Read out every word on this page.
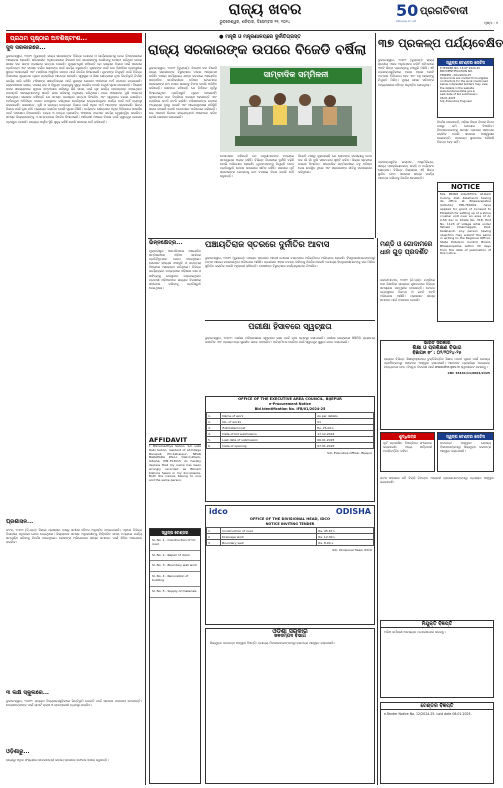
ରାଜ୍ୟ ଖବର
ଭୁବନେଶ୍ୱର, ଶନିବାର, ଡିସେମ୍ବର ୨୧, ୨୦୨୪
50
ଗୌରବମୟ ୫୦ ବର୍ଷ
ପ୍ରଗତିବାଦୀ
ପୃଷ୍ଠା : ୭
ପ୍ରଥମ ପୃଷ୍ଠାର ଅବଶିଷ୍ଟାଂଶ...
ସୁଦ ସରକାରରେ...
ଭୁବନେଶ୍ୱର, ୨୦ା୧୨ (ବ୍ୟୁରୋ): ରାଜ୍ୟ ସରକାରଙ୍କ ବିଭିନ୍ନ ଯୋଜନା ଓ କାର୍ଯ୍ୟକ୍ରମକୁ ନେଇ ବିଧାନସଭାରେ ଆଲୋଚନା ହୋଇଛି। ଶୀତକାଳୀନ ଅଧିବେଶନରେ ବିରୋଧୀ ଦଳ ସରକାରଙ୍କୁ ଘେରିବାକୁ ଚେଷ୍ଟା କରିଥିବା ବେଳେ ଶାସକ ଦଳ ତାଙ୍କ ପ୍ରଶ୍ନର ଉତ୍ତର ଦେଇଛି। ମୁଖ୍ୟମନ୍ତ୍ରୀ କହିଛନ୍ତି ଯେ ରାଜ୍ୟର ବିକାଶ ପାଇଁ ସରକାର ପ୍ରତିବଦ୍ଧ ଏବଂ ସମସ୍ତ ବର୍ଗର ଲୋକଙ୍କ ପାଇଁ କାର୍ଯ୍ୟ କରୁଛନ୍ତି। କୃଷକଙ୍କ ପାଇଁ ଧାନ କିଣାବିକା ବ୍ୟବସ୍ଥାରେ ସୁଧାର ଅଣାଯାଇଛି ଏବଂ ମଣ୍ଡିରେ ଅସୁବିଧା ନହେବା ପାଇଁ ନିର୍ଦ୍ଦେଶ ଦିଆଯାଇଛି। ଯୁବକଙ୍କ ନିଯୁକ୍ତି ପାଇଁ ବିଭିନ୍ନ ବିଭାଗରେ ଶୂନ୍ୟପଦ ପୂରଣ ପ୍ରକ୍ରିୟା ଆରମ୍ଭ ହୋଇଛି। ସ୍ୱାସ୍ଥ୍ୟ ଓ ଶିକ୍ଷା କ୍ଷେତ୍ରରେ ନୂଆ ଭିତ୍ତିଭୂମି ନିର୍ମାଣ କାର୍ଯ୍ୟ ଜାରି ରହିଛି। ମହିଳାଙ୍କ ସଶକ୍ତିକରଣ ପାଇଁ ସୁଭଦ୍ରା ଯୋଜନା ଅଧୀନରେ ଅର୍ଥ ପ୍ରଦାନ କରାଯାଉଛି। ଗ୍ରାମାଞ୍ଚଳରେ ରାସ୍ତା, ପାନୀୟ ଜଳ ଓ ବିଦ୍ୟୁତ ବ୍ୟବସ୍ଥାକୁ ସୁଦୃଢ଼ କରାଯିବ ବୋଲି ମନ୍ତ୍ରୀ ସୂଚନା ଦେଇଛନ୍ତି। ବିରୋଧୀ ଦଳର ସଦସ୍ୟମାନେ ଗୃହରେ ହଟ୍ଟଗୋଳ କରିବାରୁ କିଛି ସମୟ ପାଇଁ ଗୃହ କାର୍ଯ୍ୟ ବାଧାପ୍ରାପ୍ତ ହୋଇଥିଲା। ବାଚସ୍ପତି ସଦସ୍ୟମାନଙ୍କୁ ଶାନ୍ତି ରକ୍ଷା କରିବାକୁ ଅନୁରୋଧ କରିଥିଲେ। ପରେ ଆଲୋଚନା ପୁଣି ଆରମ୍ଭ ହୋଇଥିଲା। ସରକାର କହିଛନ୍ତି ଯେ ସମସ୍ତ ପ୍ରଶ୍ନର ଉତ୍ତର ଦିଆଯିବ ଏବଂ ସ୍ୱଚ୍ଛତା ବଜାୟ ରଖାଯିବ। ଅର୍ଥମନ୍ତ୍ରୀ ଅତିରିକ୍ତ ବଜେଟ ଉପସ୍ଥାପନ କରିଥିଲେ ଯେଉଁଥିରେ ଉନ୍ନୟନମୂଳକ କାର୍ଯ୍ୟ ପାଇଁ ଅର୍ଥ ବ୍ୟବସ୍ଥା କରାଯାଇଛି। ଜଳସେଚନ, କୃଷି ଓ ଗ୍ରାମ୍ୟ ଉନ୍ନୟନ ବିଭାଗ ପାଇଁ ଅଧିକ ଅର୍ଥ ଆବଣ୍ଟନ କରାଯାଇଛି। ଶିଳ୍ପ ବିକାଶ ପାଇଁ ନୂଆ ନୀତି ପ୍ରଣୟନ କରାଯିବ ବୋଲି ସୂଚନା ମିଳିଛି। ପର୍ଯ୍ୟଟନ କ୍ଷେତ୍ରରେ ଅଧିକ ବିନିଯୋଗ ଆକର୍ଷଣ ପାଇଁ ପଦକ୍ଷେପ ନିଆଯାଉଛି। ବନ୍ୟା ଓ ବାତ୍ୟା ପ୍ରଭାବିତ ଅଞ୍ଚଳରେ ଥଇଥାନ କାର୍ଯ୍ୟ ତ୍ୱରାନ୍ୱିତ କରାଯିବ। ସମସ୍ତ ଜିଲ୍ଲାପାଳଙ୍କୁ ଏ ସମ୍ବନ୍ଧରେ ନିର୍ଦ୍ଦେଶ ଦିଆଯାଇଛି। ଆଦିବାସୀ ଅଞ୍ଚଳର ବିକାଶ ପାଇଁ ସ୍ୱତନ୍ତ୍ର ଯୋଜନା ପ୍ରସ୍ତୁତ ହେଉଛି। ରାଜ୍ୟର ଆର୍ଥିକ ସ୍ଥିତି ସୁଦୃଢ଼ ରହିଛି ବୋଲି ସରକାର ଦାବି କରିଛନ୍ତି।
ପ୍ରଶାସନ...
କଟକ, ୨୦ା୧୨ (ନି.ପ୍ର): ଜିଲ୍ଲା ପ୍ରଶାସନ ପକ୍ଷରୁ ସମୀକ୍ଷା ବୈଠକ ଅନୁଷ୍ଠିତ ହୋଇଯାଇଛି। ଏଥିରେ ବିଭିନ୍ନ ବିଭାଗୀୟ ଅଧିକାରୀ ଯୋଗ ଦେଇଥିଲେ। ଜିଲ୍ଲାପାଳ ସମସ୍ତ ଅଧିକାରୀଙ୍କୁ ନିର୍ଦ୍ଧାରିତ ସମୟ ମଧ୍ୟରେ କାର୍ଯ୍ୟ ସମ୍ପୂର୍ଣ୍ଣ କରିବାକୁ ନିର୍ଦ୍ଦେଶ ଦେଇଥିଲେ। ଲୋକଙ୍କ ଅଭିଯୋଗର ଶୀଘ୍ର ସମାଧାନ ପାଇଁ ଶିବିର ଆୟୋଜନ କରାଯିବ।
୩ ଲକ୍ଷ ସ୍କୁଲରେ...
ଭୁବନେଶ୍ୱର, ୨୦ା୧୨: ରାଜ୍ୟର ବିଦ୍ୟାଳୟଗୁଡ଼ିକରେ ଭିତ୍ତିଭୂମି ଉନ୍ନତି ପାଇଁ ସରକାର ପଦକ୍ଷେପ ନେଇଛନ୍ତି। ଛାତ୍ରଛାତ୍ରୀଙ୍କ ପାଇଁ ସ୍ମାର୍ଟ କ୍ଲାସ ଓ ଲାଇବ୍ରେରୀ ବ୍ୟବସ୍ଥା କରାଯିବ।
ଓଡ଼ିଶାରୁ...
ରାଜ୍ୟରୁ ଅଧିକ ସଂଖ୍ୟାରେ ଛାତ୍ରଛାତ୍ରୀ ଜାତୀୟ ସ୍ତରରେ ସଫଳତା ହାସଲ କରୁଛନ୍ତି।
● ମନ୍ତ୍ରି ଓ ମନ୍ତ୍ରଣାଳୟରେ ଦୁର୍ନୀତିଗ୍ରସ୍ତ
ରାଜ୍ୟ ସରକାରଙ୍କ ଉପରେ ବିଜେଡି ବର୍ଷିଲା
ଭୁବନେଶ୍ୱର, ୨୦ା୧୨ (ବ୍ୟୁରୋ): ବିରୋଧୀ ଦଳ ବିଜେଡି ରାଜ୍ୟ ସରକାରଙ୍କ ବିରୁଦ୍ଧରେ ତୀବ୍ର ଆକ୍ରମଣ କରିଛି। ଦଳୀୟ କାର୍ଯ୍ୟାଳୟ ଶଙ୍ଖ ଭବନରେ ଆୟୋଜିତ ସାମ୍ବାଦିକ ସମ୍ମିଳନୀରେ ବରିଷ୍ଠ ନେତାମାନେ ସରକାରଙ୍କ ଛଅ ମାସର ଶାସନକୁ ବିଫଳ ବୋଲି ଅଭିହିତ କରିଛନ୍ତି। ସେମାନେ କହିଛନ୍ତି ଯେ ନିର୍ବାଚନ ପୂର୍ବରୁ ଦିଆଯାଇଥିବା ପ୍ରତିଶ୍ରୁତି ପୂରଣ ହୋଇନାହିଁ। କୃଷକମାନେ ଧାନ ବିକ୍ରିରେ ହଇରାଣ ହେଉଛନ୍ତି ଏବଂ ମଣ୍ଡିରେ କଟନି ଛଟନି ଚାଲିଛି। ମହିଳାମାନଙ୍କ ଉପରେ ଅତ୍ୟାଚାର ବୃଦ୍ଧି ପାଇଛି ଏବଂ ଆଇନଶୃଙ୍ଖଳା ପରିସ୍ଥିତି ଖରାପ ହୋଇଛି ବୋଲି ନେତାମାନେ ଅଭିଯୋଗ କରିଛନ୍ତି। ଦଳ ଆଗାମୀ ଦିନରେ ରାଜ୍ୟବ୍ୟାପୀ ଆନ୍ଦୋଳନ କରିବ ବୋଲି ଘୋଷଣା କରାଯାଇଛି।
ସାମ୍ବାଦିକ ସମ୍ମିଳନୀ
ନେତାମାନେ କହିଛନ୍ତି ଯେ ମନ୍ତ୍ରୀମାନଙ୍କ ମଧ୍ୟରେ ସମନ୍ୱୟର ଅଭାବ ରହିଛି। ବିଭିନ୍ନ ବିଭାଗରେ ଦୁର୍ନୀତି ବଢ଼ିଛି ବୋଲି ଅଭିଯୋଗ ହୋଇଛି। ଯୁବକମାନଙ୍କୁ ନିଯୁକ୍ତି ଦେବା ପ୍ରତିଶ୍ରୁତି କେବଳ କାଗଜରେ ସୀମିତ ରହିଛି। ସରକାର ପୂର୍ବ ସରକାରଙ୍କ ଯୋଜନାକୁ ନାମ ବଦଳାଇ ନିଜର ବୋଲି ଦାବି କରୁଛନ୍ତି।
ବିଜେଡି ପକ୍ଷରୁ କୁହାଯାଇଛି ଯେ ଲୋକଙ୍କ ସମସ୍ୟାକୁ ନେଇ ଦଳ ଗାଁ ଗାଁ ବୁଲି ସଚେତନତା ସୃଷ୍ଟି କରିବ। ଜିଲ୍ଲା ସ୍ତରରେ ଧାରଣା ଦିଆଯିବ। ସାମ୍ବାଦିକ ସମ୍ମିଳନୀରେ ବହୁ ବରିଷ୍ଠ ନେତା ଉପସ୍ଥିତ ଥିଲେ ଏବଂ ସରକାରଙ୍କ ନୀତିକୁ ସମାଲୋଚନା କରିଥିଲେ।
୩୭ ପ୍ରକଳ୍ପ ପର୍ଯ୍ୟବେକ୍ଷିତ
ଭୁବନେଶ୍ୱର, ୨୦ା୧୨ (ବ୍ୟୁରୋ): ରାଜ୍ୟ ସ୍ତରୀୟ ଏକକ ଅନୁମୋଦନ କମିଟି ବୈଠକରେ ୩୭ଟି ଶିଳ୍ପ ପ୍ରକଳ୍ପକୁ ମଞ୍ଜୁରି ମିଳିଛି। ଏହି ପ୍ରକଳ୍ପଗୁଡ଼ିକରେ ହଜାର ହଜାର କୋଟି ଟଙ୍କାର ବିନିଯୋଗ ହେବ ଏବଂ ବହୁ ଲୋକଙ୍କୁ ନିଯୁକ୍ତି ମିଳିବ। ମୁଖ୍ୟ ଶାସନ ସଚିବଙ୍କ ଅଧ୍ୟକ୍ଷତାରେ ବୈଠକ ଅନୁଷ୍ଠିତ ହୋଇଥିଲା।
ପ୍ରକଳ୍ପଗୁଡ଼ିକ ଇସ୍ପାତ, ଆଲୁମିନିୟମ, ଖାଦ୍ୟ ପ୍ରକ୍ରିୟାକରଣ, ଶକ୍ତି ଓ ପର୍ଯ୍ୟଟନ କ୍ଷେତ୍ରର। ବିଭିନ୍ନ ଜିଲ୍ଲାରେ ଏହି ଶିଳ୍ପ ସ୍ଥାପିତ ହେବ। ସରକାର ଶୀଘ୍ର କାର୍ଯ୍ୟ ଆରମ୍ଭ କରିବାକୁ ନିର୍ଦ୍ଦେଶ ଦେଇଛନ୍ତି।
ସ୍ୱଳ୍ପ ଟେଣ୍ଡର ନୋଟିସ
E-TENDER NO. 18 OF 2024-25
BID IDENTIFICATION NO.
TENDER - 001/2024-25
Online bids are invited from eligible contractors for the work mentioned below. Interested bidders may view the details in the website www.tendersodisha.gov.in
Last date of bid submission: 06.01.2025
Sd/- Executive Engineer
ନିର୍ଦ୍ଦେଶ ଦେଇଛନ୍ତି, ଓଡ଼ିଶା ଶିଳ୍ପ ବିକାଶ ନିଗମ ପକ୍ଷରୁ ଜମି ଯୋଗାଇ ଦିଆଯିବ। ନିବେଶକମାନଙ୍କୁ ସମସ୍ତ ପ୍ରକାର ସହଯୋଗ କରାଯିବ ବୋଲି ସରକାର ଆଶ୍ୱାସନା ଦେଇଛନ୍ତି। ପ୍ରକଳ୍ପ ସ୍ଥାପନରେ କୌଣସି ବିଳମ୍ବ ହେବ ନାହିଁ।
ଭିନ୍ନକ୍ଷେତ୍ର...
ଯୁକ୍ତରାଷ୍ଟ୍ର ଆମେରିକାରେ ଆୟୋଜିତ ସମ୍ମିଳନୀରେ ଓଡ଼ିଆ ସମାଜର ପ୍ରତିନିଧିମାନେ ଯୋଗ ଦେଇଥିଲେ। ସେମାନେ ରାଜ୍ୟର ସଂସ୍କୃତି ଓ ପରମ୍ପରା ବିଷୟରେ ଆଲୋଚନା କରିଥିଲେ। ବିଭିନ୍ନ କାର୍ଯ୍ୟକ୍ରମ ମାଧ୍ୟମରେ ଓଡ଼ିଶାର କଳା ଓ ସାହିତ୍ୟକୁ ଉପସ୍ଥାପନ କରାଯାଇଥିଲା। ପ୍ରବାସୀ ଓଡ଼ିଆମାନେ ରାଜ୍ୟର ବିକାଶରେ ସହଯୋଗ କରିବାକୁ ପ୍ରତିଶ୍ରୁତି ଦେଇଥିଲେ।
ପଞ୍ଚାୟତିରାଜ ସ୍ତରରେ ଦୁର୍ନୀତିର ଆବାସ
ଭୁବନେଶ୍ୱର, ୨୦ା୧୨ (ବ୍ୟୁରୋ): ପଞ୍ଚାୟତ ସ୍ତରରେ ଆବାସ ଯୋଜନା ବଣ୍ଟନରେ ଅନିୟମିତତା ଅଭିଯୋଗ ହୋଇଛି। ହିତାଧିକାରୀମାନଙ୍କଠାରୁ ଟଙ୍କା ଆଦାୟ କରାଯାଉଥିବା ଅଭିଯୋଗ ଆସିଛି। ପ୍ରଶାସନ ଏହାର ତଦନ୍ତ କରିବାକୁ ନିର୍ଦ୍ଦେଶ ଦେଇଛି। ଯୋଗ୍ୟ ହିତାଧିକାରୀମାନଙ୍କୁ ଘର ମିଳିବା ସୁନିଶ୍ଚିତ କରାଯିବ ବୋଲି ଅଧିକାରୀ କହିଛନ୍ତି। ଦୋଷୀଙ୍କ ବିରୁଦ୍ଧରେ କାର୍ଯ୍ୟାନୁଷ୍ଠାନ ନିଆଯିବ।
ପରୀକ୍ଷା ହିସାବରେ ସ୍ୱଚ୍ଛତା
ଭୁବନେଶ୍ୱର, ୨୦ା୧୨: ପରୀକ୍ଷା ପରିଚାଳନାରେ ସ୍ୱଚ୍ଛତା ରକ୍ଷା ପାଇଁ ନୂଆ ବ୍ୟବସ୍ଥା କରାଯାଇଛି। ପରୀକ୍ଷା କେନ୍ଦ୍ରରେ ସିସିଟିଭି କ୍ୟାମେରା ଲଗାଯିବ ଏବଂ ପ୍ରଶ୍ନପତ୍ର ସୁରକ୍ଷିତ ଭାବେ ପହଞ୍ଚାଯିବ। ଅନିୟମିତତା ରୋକିବା ପାଇଁ ସ୍ୱତନ୍ତ୍ର ସ୍କ୍ୱାଡ ଗଠନ କରାଯାଇଛି।
OFFICE OF THE EXECUTIVE AREA COUNCIL, BIJEPUR
e-Procurement Notice
Bid Identification No. IFB/01/2024-25
1.	Name of work	As per details
2.	No. of works	01
3.	Estimated Cost	Rs. 25.00 L
4.	Date of bid submission	17.12.2024
5.	Last date of submission	06.01.2025
6.	Date of opening	07.01.2025
Sd/- Executive Officer, Bijepur
AFFIDAVIT
I, Bikramaditya Sahoo, S/o Late Rabi Sahoo, resident of At-Village Barapali, PO-Sahaspur, NEAR BARAPADA PALLI, Dist-Cuttack, Odisha, PIN-753015 do hereby declare that my name has been wrongly recorded as Bikram Kishore Swain in my documents. Both the names belong to one and the same person.
ସ୍ୱଳ୍ପ ଟେଣ୍ଡର
Sl. No. 1 - Construction of CC road
Sl. No. 2 - Repair of drain
Sl. No. 3 - Boundary wall work
Sl. No. 4 - Renovation of building
Sl. No. 5 - Supply of materials
idco	ODISHA
OFFICE OF THE DIVISIONAL HEAD, IDCO
NOTICE INVITING TENDER
1	Construction of road	Rs. 45.67 L
2	Drainage work	Rs. 12.30 L
3	Boundary wall	Rs. 8.90 L
Sd/- Divisional Head, IDCO
ଓଡ଼ିଶା ସରକାର
ଜଳସମ୍ପଦ ବିଭାଗ
ସିଲ୍‌ଯୁକ୍ତ ଦରପତ୍ର ଆହ୍ୱାନ ବିଜ୍ଞପ୍ତି। ଯୋଗ୍ୟ ଠିକାଦାରମାନଙ୍କଠାରୁ ଦରପତ୍ର ଆହ୍ୱାନ କରାଯାଉଛି।
NOTICE
M/s. PRISM LOGISTICS, At-Ram Colony, Dist. Kalahandi, having its office at Bhawanipatna (Odisha) PIN-766001, have applied for grant of Consent to Establish for setting up of a stone crusher unit over an area of Ac 0.50 dec in Khata No. 318, Plot No. 1123 of village Artal under Tahasil Dharmagarh, Dist. Kalahandi. Any person having objection may submit the same in writing to the Regional Officer, State Pollution Control Board, Bhawanipatna within 30 days from the date of publication of this notice.
ମଣ୍ଡି ଓ ଗୋଦାମରେ ଧାନ ଗୁଡ଼ ପ୍ରଦର୍ଶିତ
ଭବାନୀପାଟଣା, ୨୦ା୧୨ (ନି.ପ୍ର): ମଣ୍ଡିରେ ଧାନ କିଣାବିକା ସମୟରେ କୃଷକମାନେ ବିଭିନ୍ନ ସମସ୍ୟାର ସମ୍ମୁଖୀନ ହେଉଛନ୍ତି। ଟୋକନ ବ୍ୟବସ୍ଥାରେ ବିଳମ୍ବ ଓ କଟନି ଛଟନି ଅଭିଯୋଗ ଆସିଛି। ପ୍ରଶାସନ ଶୀଘ୍ର ସମାଧାନ ପାଇଁ ପଦକ୍ଷେପ ନେଉଛି।
ଭାରତ ସରକାର
ଶିକ୍ଷା ଓ ପ୍ରଶିକ୍ଷଣ ବିଭାଗ
ବିଜ୍ଞାପନ ନଂ : ୦୨/୨୦୨୪-୨୫
ରାଜ୍ୟର ବିଭିନ୍ନ ଶିକ୍ଷାନୁଷ୍ଠାନରେ ଚୁକ୍ତିଭିତ୍ତିକ ଶିକ୍ଷକ ପଦବୀ ପୂରଣ ପାଇଁ ଯୋଗ୍ୟ ପ୍ରାର୍ଥୀଙ୍କଠାରୁ ଆବେଦନ ଆହ୍ୱାନ କରାଯାଉଛି। ଆବେଦନ ପ୍ରକ୍ରିୟା ଅନଲାଇନ ମାଧ୍ୟମରେ ହେବ। ବିସ୍ତୃତ ବିବରଣୀ ପାଇଁ www.dhe.gov.in ୱେବସାଇଟ ଦେଖନ୍ତୁ।
CBC 36101/11/0001/2425
ସ୍ୱଳ୍ପ ଟେଣ୍ଡର ନୋଟିସ
ଦରପତ୍ର ଆହ୍ୱାନ: ଯୋଗ୍ୟ ଠିକାଦାରଙ୍କଠାରୁ ସିଲ୍‌ଯୁକ୍ତ ଦରପତ୍ର ଆହ୍ୱାନ କରାଯାଉଛି।
ଶୁଦ୍ଧିପତ୍ର
ପୂର୍ବ ପ୍ରକାଶିତ ବିଜ୍ଞପ୍ତିରେ ସଂଶୋଧନ କରାଯାଇଛି। ଅନ୍ୟ ସର୍ତ୍ତାବଳୀ ଅପରିବର୍ତ୍ତିତ ରହିବ।
କଟକ ସହରରେ ଜମି ବିକ୍ରି ନିମନ୍ତେ ଆଗ୍ରହୀ କ୍ରେତାମାନଙ୍କଠାରୁ ପ୍ରସ୍ତାବ ଆହ୍ୱାନ କରାଯାଉଛି।
ନିଯୁକ୍ତି ବିଜ୍ଞପ୍ତି
ଅଭିଜ୍ଞ କର୍ମଚାରୀ ଆବଶ୍ୟକ। ଯୋଗାଯୋଗ କରନ୍ତୁ।
ଟେଣ୍ଡର ବିଜ୍ଞପ୍ତି
e-Tender Notice No. 12/2024-25. Last date 06.01.2025.
